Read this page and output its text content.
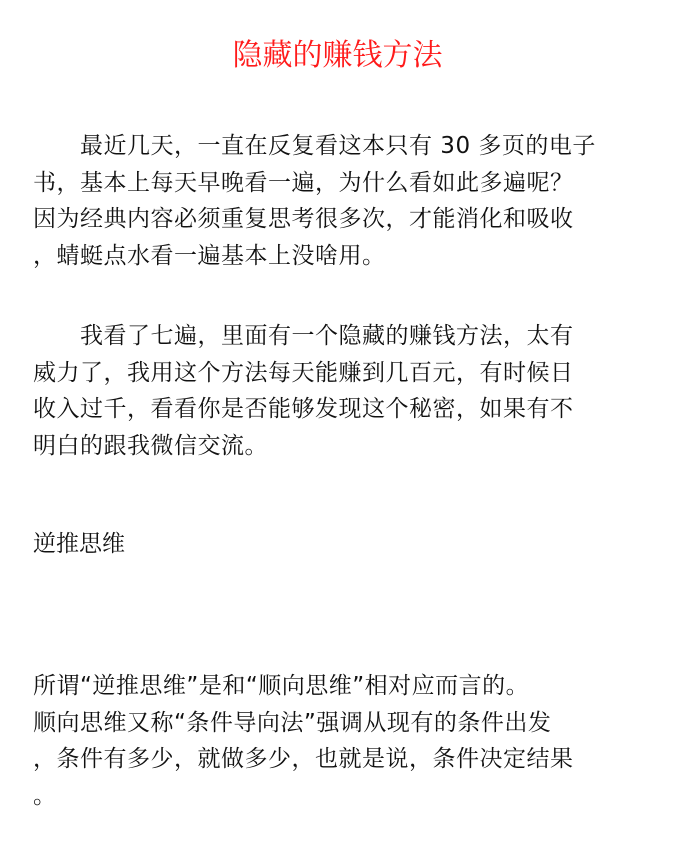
隐藏的赚钱方法
　　最近几天，一直在反复看这本只有 30 多页的电子
书，基本上每天早晚看一遍，为什么看如此多遍呢？
因为经典内容必须重复思考很多次，才能消化和吸收
，蜻蜓点水看一遍基本上没啥用。
　　我看了七遍，里面有一个隐藏的赚钱方法，太有
威力了，我用这个方法每天能赚到几百元，有时候日
收入过千，看看你是否能够发现这个秘密，如果有不
明白的跟我微信交流。
逆推思维
所谓“逆推思维”是和“顺向思维”相对应而言的。
顺向思维又称“条件导向法”强调从现有的条件出发
，条件有多少，就做多少，也就是说，条件决定结果
。
